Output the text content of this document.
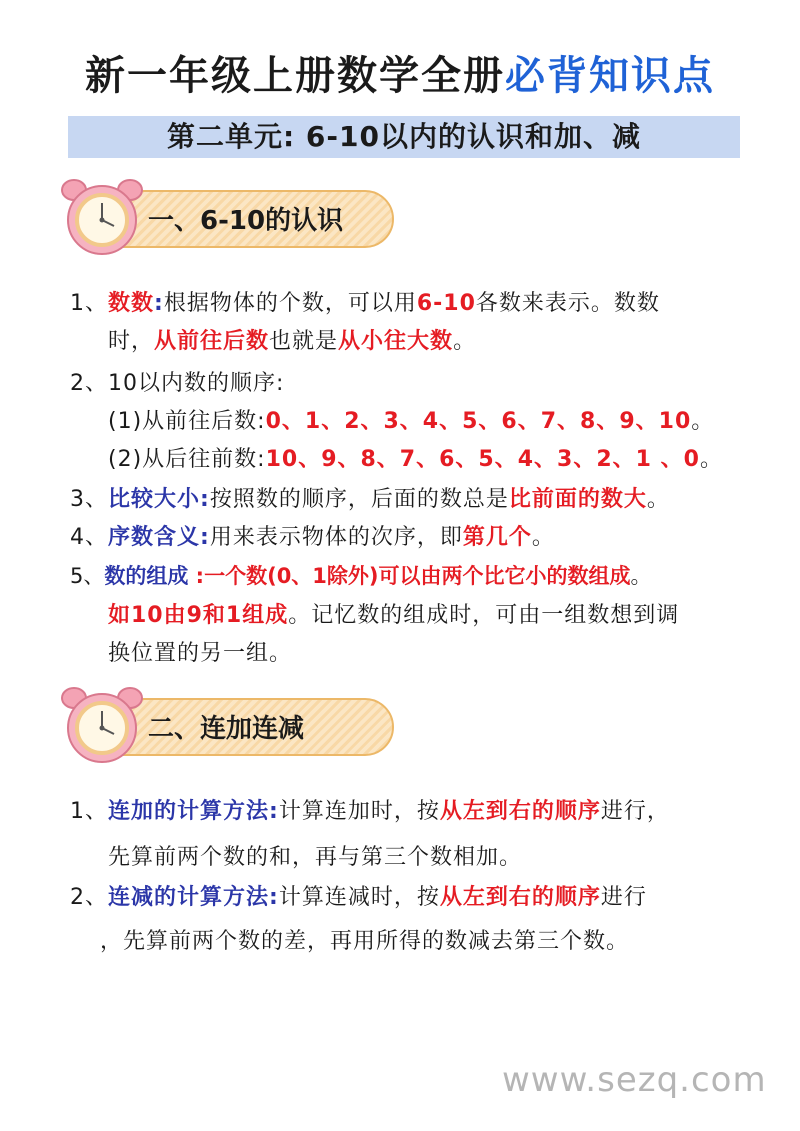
新一年级上册数学全册必背知识点
第二单元: 6-10以内的认识和加、减
一、6-10的认识
1、数数:根据物体的个数，可以用6-10各数来表示。数数
时，从前往后数也就是从小往大数。
2、10以内数的顺序:
(1)从前往后数:0、1、2、3、4、5、6、7、8、9、10。
(2)从后往前数:10、9、8、7、6、5、4、3、2、1 、0。
3、比较大小:按照数的顺序，后面的数总是比前面的数大。
4、序数含义:用来表示物体的次序，即第几个。
5、数的组成 :一个数(0、1除外)可以由两个比它小的数组成。
如10由9和1组成。记忆数的组成时，可由一组数想到调
换位置的另一组。
二、连加连减
1、连加的计算方法:计算连加时，按从左到右的顺序进行，
先算前两个数的和，再与第三个数相加。
2、连减的计算方法:计算连减时，按从左到右的顺序进行
，先算前两个数的差，再用所得的数减去第三个数。
www.sezq.com
